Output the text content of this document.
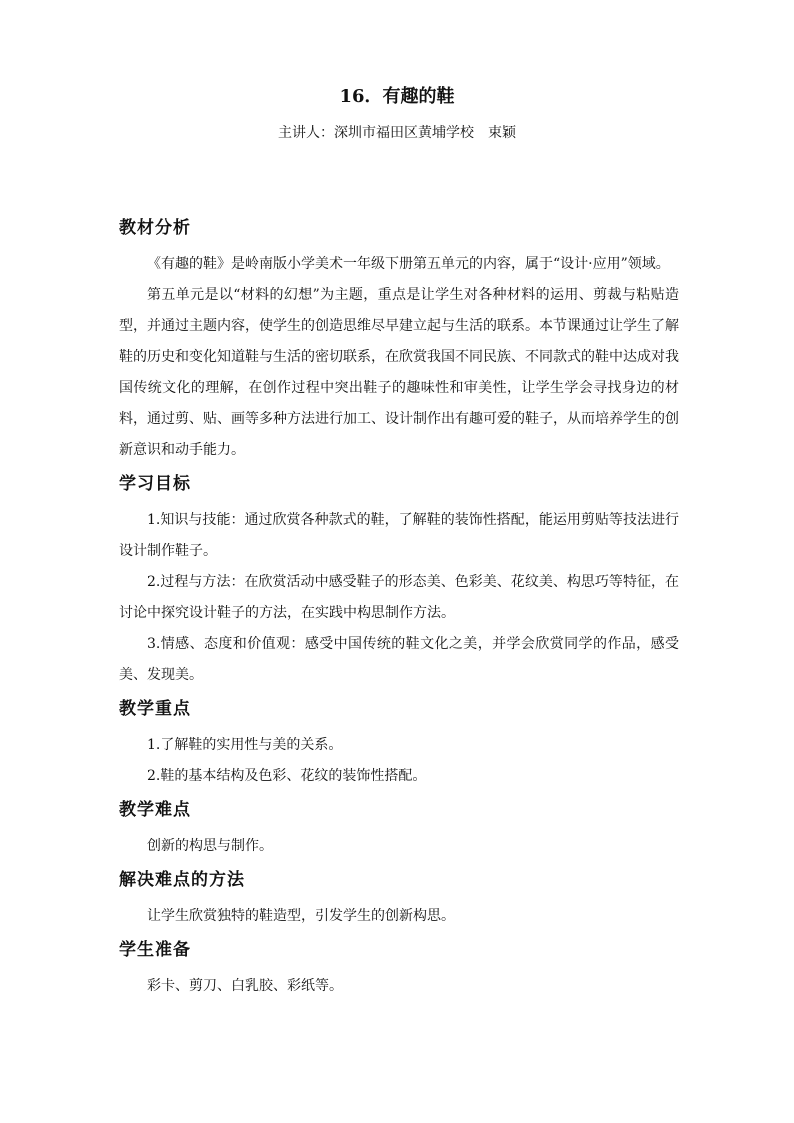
16．有趣的鞋
主讲人：深圳市福田区黄埔学校　束颖
教材分析

《有趣的鞋》是岭南版小学美术一年级下册第五单元的内容，属于“设计·应用”领域。

第五单元是以“材料的幻想”为主题，重点是让学生对各种材料的运用、剪裁与粘贴造型，并通过主题内容，使学生的创造思维尽早建立起与生活的联系。本节课通过让学生了解鞋的历史和变化知道鞋与生活的密切联系，在欣赏我国不同民族、不同款式的鞋中达成对我国传统文化的理解，在创作过程中突出鞋子的趣味性和审美性，让学生学会寻找身边的材料，通过剪、贴、画等多种方法进行加工、设计制作出有趣可爱的鞋子，从而培养学生的创新意识和动手能力。

学习目标

1.知识与技能：通过欣赏各种款式的鞋，了解鞋的装饰性搭配，能运用剪贴等技法进行设计制作鞋子。

2.过程与方法：在欣赏活动中感受鞋子的形态美、色彩美、花纹美、构思巧等特征，在讨论中探究设计鞋子的方法，在实践中构思制作方法。

3.情感、态度和价值观：感受中国传统的鞋文化之美，并学会欣赏同学的作品，感受美、发现美。

教学重点

1.了解鞋的实用性与美的关系。

2.鞋的基本结构及色彩、花纹的装饰性搭配。

教学难点

创新的构思与制作。

解决难点的方法

让学生欣赏独特的鞋造型，引发学生的创新构思。

学生准备

彩卡、剪刀、白乳胶、彩纸等。
